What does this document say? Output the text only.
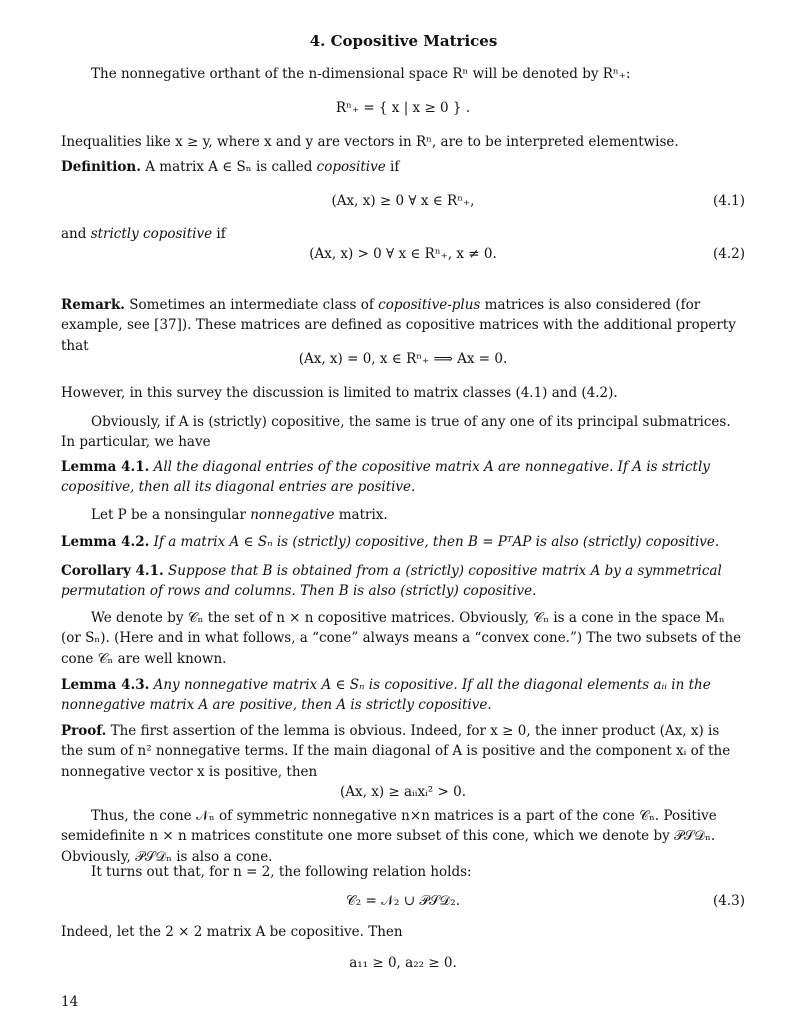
4. Copositive Matrices
The nonnegative orthant of the n-dimensional space Rⁿ will be denoted by Rⁿ₊:
Rⁿ₊ = { x | x ≥ 0 } .
Inequalities like x ≥ y, where x and y are vectors in Rⁿ, are to be interpreted elementwise.
Definition. A matrix A ∈ Sₙ is called copositive if
(Ax, x) ≥ 0 ∀ x ∈ Rⁿ₊,	(4.1)
and strictly copositive if
(Ax, x) > 0 ∀ x ∈ Rⁿ₊, x ≠ 0.	(4.2)
Remark. Sometimes an intermediate class of copositive-plus matrices is also considered (for example, see [37]). These matrices are defined as copositive matrices with the additional property that
(Ax, x) = 0, x ∈ Rⁿ₊ ⟹ Ax = 0.
However, in this survey the discussion is limited to matrix classes (4.1) and (4.2).
Obviously, if A is (strictly) copositive, the same is true of any one of its principal submatrices. In particular, we have
Lemma 4.1. All the diagonal entries of the copositive matrix A are nonnegative. If A is strictly copositive, then all its diagonal entries are positive.
Let P be a nonsingular nonnegative matrix.
Lemma 4.2. If a matrix A ∈ Sₙ is (strictly) copositive, then B = PᵀAP is also (strictly) copositive.
Corollary 4.1. Suppose that B is obtained from a (strictly) copositive matrix A by a symmetrical permutation of rows and columns. Then B is also (strictly) copositive.
We denote by 𝒞ₙ the set of n × n copositive matrices. Obviously, 𝒞ₙ is a cone in the space Mₙ (or Sₙ). (Here and in what follows, a “cone” always means a “convex cone.”) The two subsets of the cone 𝒞ₙ are well known.
Lemma 4.3. Any nonnegative matrix A ∈ Sₙ is copositive. If all the diagonal elements aᵢᵢ in the nonnegative matrix A are positive, then A is strictly copositive.
Proof. The first assertion of the lemma is obvious. Indeed, for x ≥ 0, the inner product (Ax, x) is the sum of n² nonnegative terms. If the main diagonal of A is positive and the component xᵢ of the nonnegative vector x is positive, then
(Ax, x) ≥ aᵢᵢxᵢ² > 0.
Thus, the cone 𝒩ₙ of symmetric nonnegative n×n matrices is a part of the cone 𝒞ₙ. Positive semidefinite n × n matrices constitute one more subset of this cone, which we denote by 𝒫𝒮𝒟ₙ. Obviously, 𝒫𝒮𝒟ₙ is also a cone.
It turns out that, for n = 2, the following relation holds:
𝒞₂ = 𝒩₂ ∪ 𝒫𝒮𝒟₂.	(4.3)
Indeed, let the 2 × 2 matrix A be copositive. Then
a₁₁ ≥ 0, a₂₂ ≥ 0.
14
